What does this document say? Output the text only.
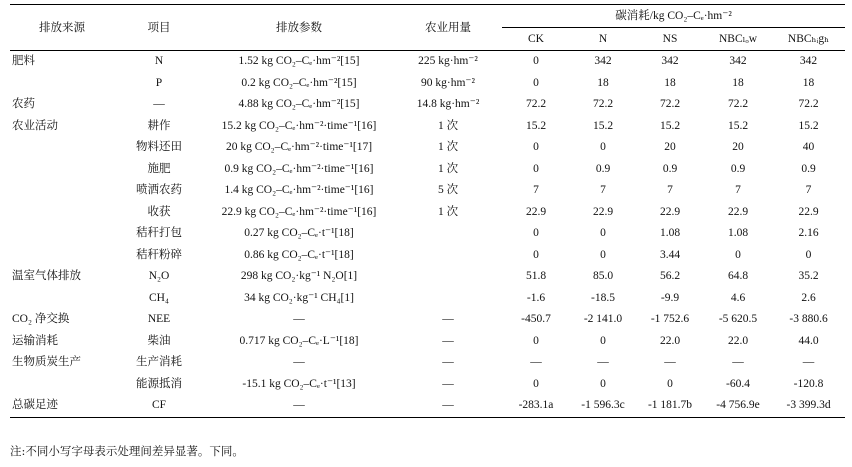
排放来源	项目	排放参数	农业用量	碳消耗/kg CO₂–Cₑ·hm⁻²				
				CK	N	NS	NBCₗₒw	NBCₕᵢgₕ
肥料	N	1.52 kg CO₂–Cₑ·hm⁻²[15]	225 kg·hm⁻²	0	342	342	342	342
	P	0.2 kg CO₂–Cₑ·hm⁻²[15]	90 kg·hm⁻²	0	18	18	18	18
农药	—	4.88 kg CO₂–Cₑ·hm⁻²[15]	14.8 kg·hm⁻²	72.2	72.2	72.2	72.2	72.2
农业活动	耕作	15.2 kg CO₂–Cₑ·hm⁻²·time⁻¹[16]	1 次	15.2	15.2	15.2	15.2	15.2
	物料还田	20 kg CO₂–Cₑ·hm⁻²·time⁻¹[17]	1 次	0	0	20	20	40
	施肥	0.9 kg CO₂–Cₑ·hm⁻²·time⁻¹[16]	1 次	0	0.9	0.9	0.9	0.9
	喷洒农药	1.4 kg CO₂–Cₑ·hm⁻²·time⁻¹[16]	5 次	7	7	7	7	7
	收获	22.9 kg CO₂–Cₑ·hm⁻²·time⁻¹[16]	1 次	22.9	22.9	22.9	22.9	22.9
	秸秆打包	0.27 kg CO₂–Cₑ·t⁻¹[18]		0	0	1.08	1.08	2.16
	秸秆粉碎	0.86 kg CO₂–Cₑ·t⁻¹[18]		0	0	3.44	0	0
温室气体排放	N₂O	298 kg CO₂·kg⁻¹ N₂O[1]		51.8	85.0	56.2	64.8	35.2
	CH₄	34 kg CO₂·kg⁻¹ CH₄[1]		-1.6	-18.5	-9.9	4.6	2.6
CO₂ 净交换	NEE	—	—	-450.7	-2 141.0	-1 752.6	-5 620.5	-3 880.6
运输消耗	柴油	0.717 kg CO₂–Cₑ·L⁻¹[18]	—	0	0	22.0	22.0	44.0
生物质炭生产	生产消耗	—	—	—	—	—	—	—
	能源抵消	-15.1 kg CO₂–Cₑ·t⁻¹[13]	—	0	0	0	-60.4	-120.8
总碳足迹	CF	—	—	-283.1a	-1 596.3c	-1 181.7b	-4 756.9e	-3 399.3d
注:不同小写字母表示处理间差异显著。下同。
